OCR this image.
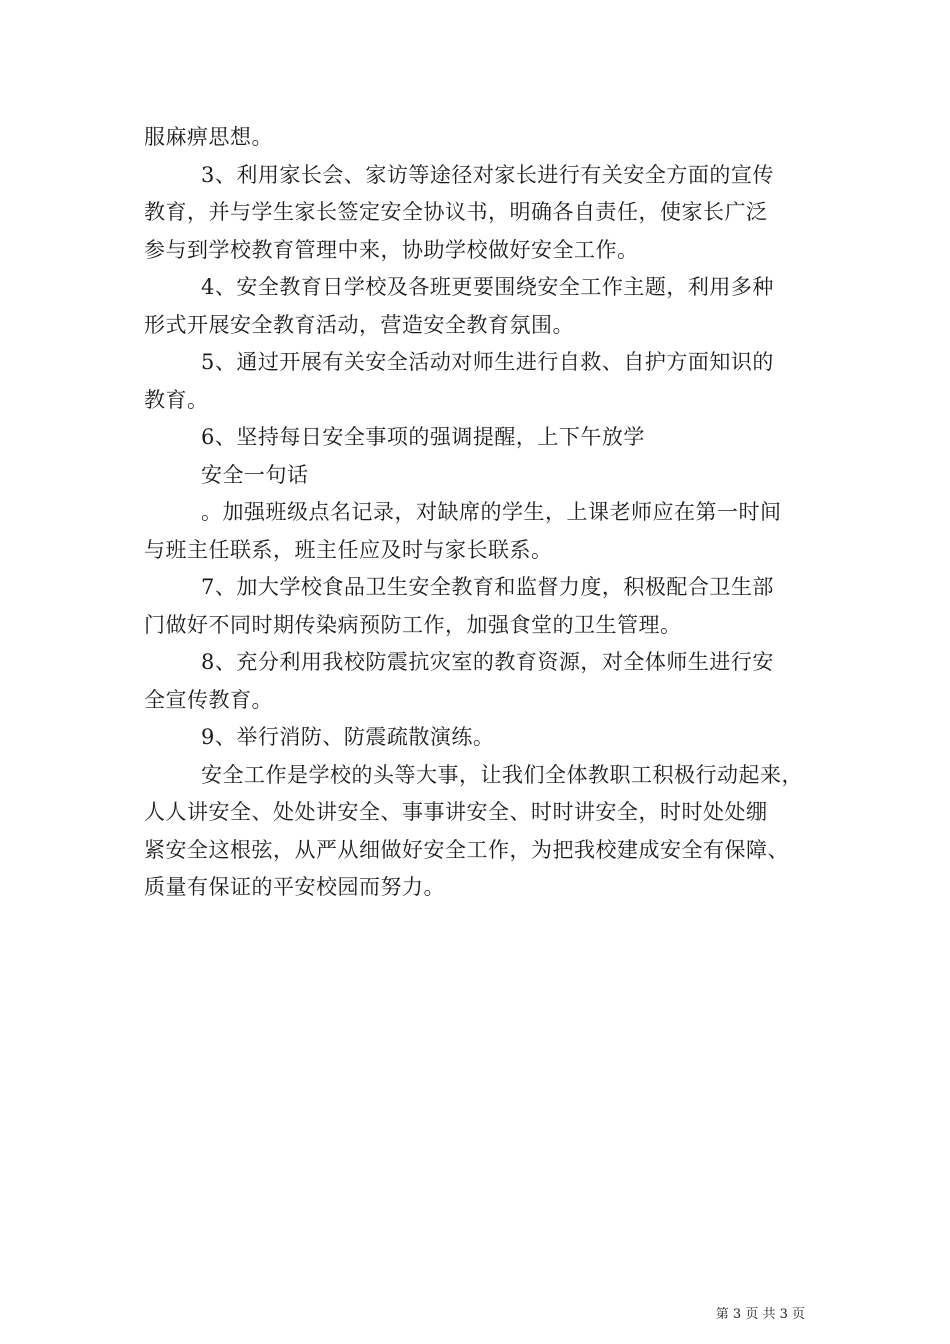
服麻痹思想。

3、利用家长会、家访等途径对家长进行有关安全方面的宣传

教育，并与学生家长签定安全协议书，明确各自责任，使家长广泛

参与到学校教育管理中来，协助学校做好安全工作。

4、安全教育日学校及各班更要围绕安全工作主题，利用多种

形式开展安全教育活动，营造安全教育氛围。

5、通过开展有关安全活动对师生进行自救、自护方面知识的

教育。

6、坚持每日安全事项的强调提醒，上下午放学

安全一句话

。加强班级点名记录，对缺席的学生，上课老师应在第一时间

与班主任联系，班主任应及时与家长联系。

7、加大学校食品卫生安全教育和监督力度，积极配合卫生部

门做好不同时期传染病预防工作，加强食堂的卫生管理。

8、充分利用我校防震抗灾室的教育资源，对全体师生进行安

全宣传教育。

9、举行消防、防震疏散演练。

安全工作是学校的头等大事，让我们全体教职工积极行动起来，

人人讲安全、处处讲安全、事事讲安全、时时讲安全，时时处处绷

紧安全这根弦，从严从细做好安全工作，为把我校建成安全有保障、

质量有保证的平安校园而努力。

第 3 页 共 3 页
